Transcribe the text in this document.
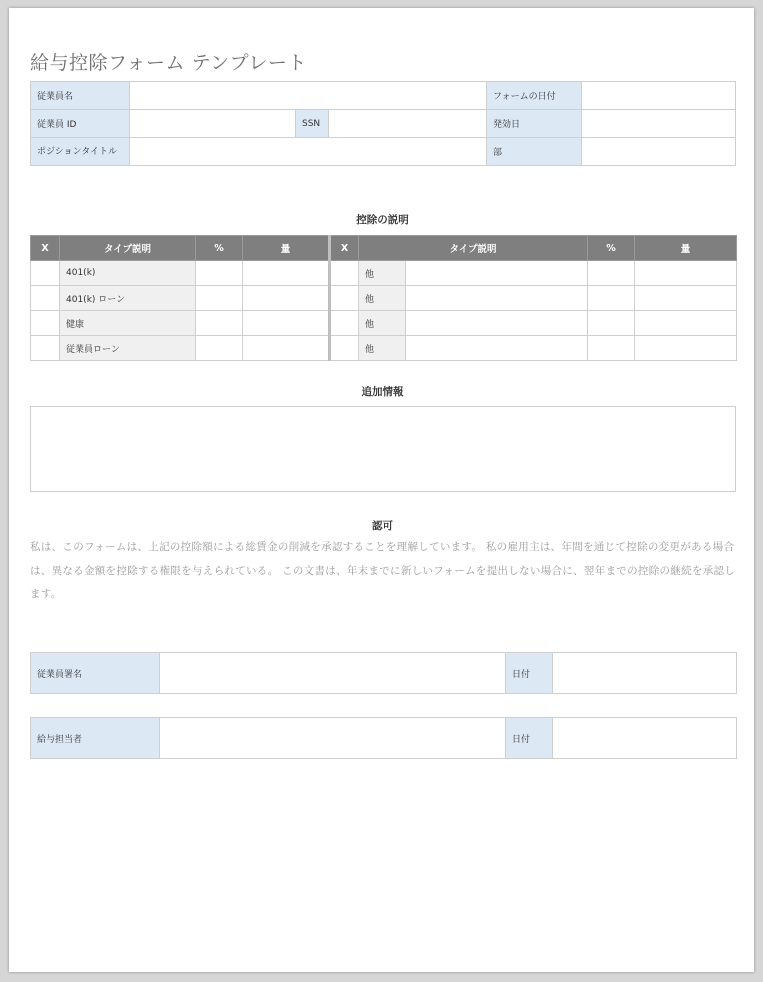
給与控除フォーム テンプレート
従業員名				フォームの日付	
従業員 ID		SSN		発効日	
ポジションタイトル				部	
控除の説明
X	タイプ説明	%	量	X	タイプ説明		%	量
	401(k)				他			
	401(k) ローン				他			
	健康				他			
	従業員ローン				他			
追加情報
認可
私は、このフォームは、上記の控除額による総賃金の削減を承認することを理解しています。 私の雇用主は、年間を通じて控除の変更がある場合は、異なる金額を控除する権限を与えられている。 この文書は、年末までに新しいフォームを提出しない場合に、翌年までの控除の継続を承認します。
従業員署名		日付	
給与担当者		日付	
